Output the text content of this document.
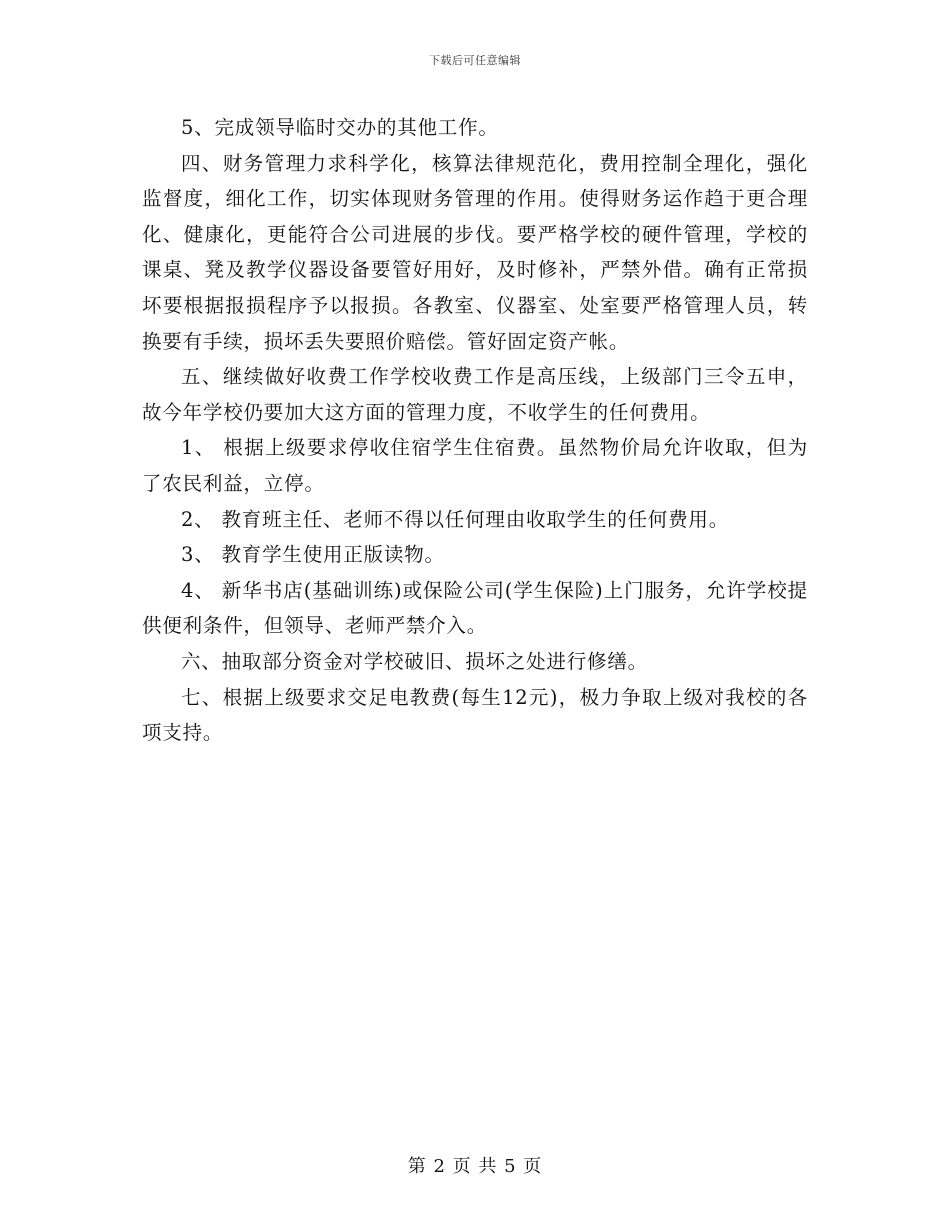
下载后可任意编辑

5、完成领导临时交办的其他工作。

四、财务管理力求科学化，核算法律规范化，费用控制全理化，强化监督度，细化工作，切实体现财务管理的作用。使得财务运作趋于更合理化、健康化，更能符合公司进展的步伐。要严格学校的硬件管理，学校的课桌、凳及教学仪器设备要管好用好，及时修补，严禁外借。确有正常损坏要根据报损程序予以报损。各教室、仪器室、处室要严格管理人员，转换要有手续，损坏丢失要照价赔偿。管好固定资产帐。

五、继续做好收费工作学校收费工作是高压线，上级部门三令五申，故今年学校仍要加大这方面的管理力度，不收学生的任何费用。

1、 根据上级要求停收住宿学生住宿费。虽然物价局允许收取，但为了农民利益，立停。

2、 教育班主任、老师不得以任何理由收取学生的任何费用。

3、 教育学生使用正版读物。

4、 新华书店(基础训练)或保险公司(学生保险)上门服务，允许学校提供便利条件，但领导、老师严禁介入。

六、抽取部分资金对学校破旧、损坏之处进行修缮。

七、根据上级要求交足电教费(每生12元)，极力争取上级对我校的各项支持。

第 2 页 共 5 页
